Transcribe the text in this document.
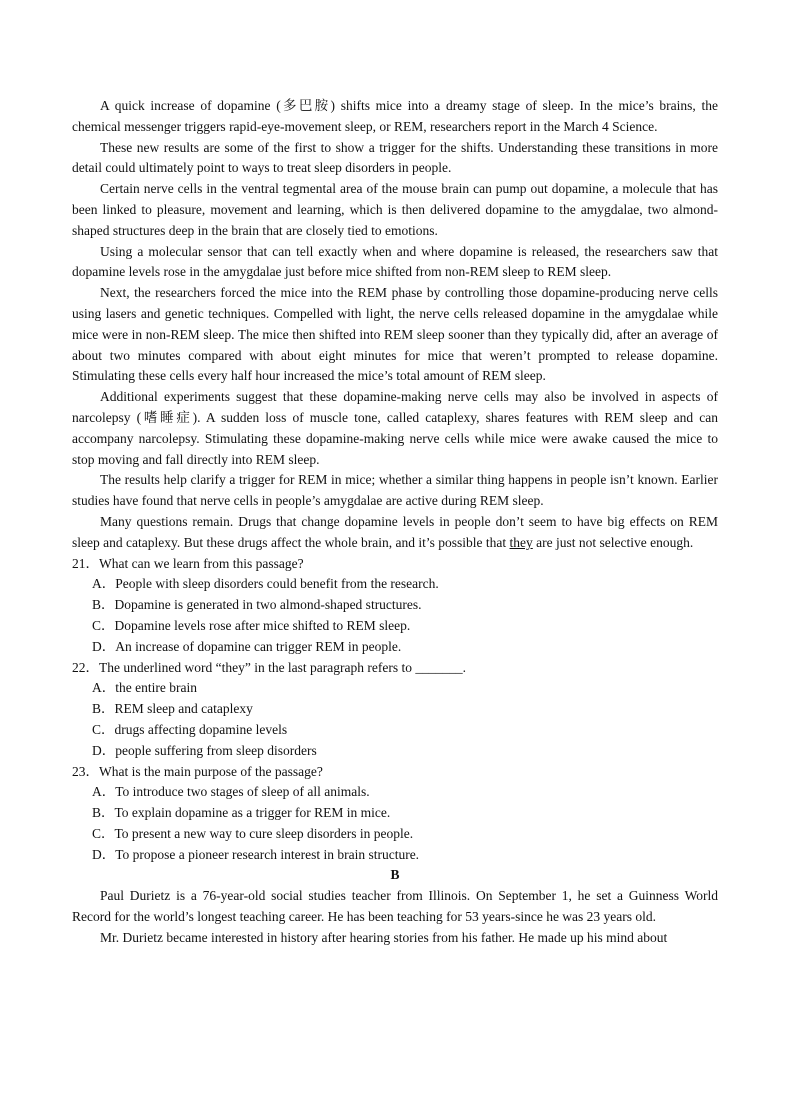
A quick increase of dopamine (多巴胺) shifts mice into a dreamy stage of sleep. In the mice’s brains, the chemical messenger triggers rapid-eye-movement sleep, or REM, researchers report in the March 4 Science.

These new results are some of the first to show a trigger for the shifts. Understanding these transitions in more detail could ultimately point to ways to treat sleep disorders in people.

Certain nerve cells in the ventral tegmental area of the mouse brain can pump out dopamine, a molecule that has been linked to pleasure, movement and learning, which is then delivered dopamine to the amygdalae, two almond-shaped structures deep in the brain that are closely tied to emotions.

Using a molecular sensor that can tell exactly when and where dopamine is released, the researchers saw that dopamine levels rose in the amygdalae just before mice shifted from non-REM sleep to REM sleep.

Next, the researchers forced the mice into the REM phase by controlling those dopamine-producing nerve cells using lasers and genetic techniques. Compelled with light, the nerve cells released dopamine in the amygdalae while mice were in non-REM sleep. The mice then shifted into REM sleep sooner than they typically did, after an average of about two minutes compared with about eight minutes for mice that weren’t prompted to release dopamine. Stimulating these cells every half hour increased the mice’s total amount of REM sleep.

Additional experiments suggest that these dopamine-making nerve cells may also be involved in aspects of narcolepsy (嗜睡症). A sudden loss of muscle tone, called cataplexy, shares features with REM sleep and can accompany narcolepsy. Stimulating these dopamine-making nerve cells while mice were awake caused the mice to stop moving and fall directly into REM sleep.

The results help clarify a trigger for REM in mice; whether a similar thing happens in people isn’t known. Earlier studies have found that nerve cells in people’s amygdalae are active during REM sleep.

Many questions remain. Drugs that change dopamine levels in people don’t seem to have big effects on REM sleep and cataplexy. But these drugs affect the whole brain, and it’s possible that they are just not selective enough.

21．What can we learn from this passage?

A．People with sleep disorders could benefit from the research.

B．Dopamine is generated in two almond-shaped structures.

C．Dopamine levels rose after mice shifted to REM sleep.

D．An increase of dopamine can trigger REM in people.

22．The underlined word “they” in the last paragraph refers to _______.

A．the entire brain

B．REM sleep and cataplexy

C．drugs affecting dopamine levels

D．people suffering from sleep disorders

23．What is the main purpose of the passage?

A．To introduce two stages of sleep of all animals.

B．To explain dopamine as a trigger for REM in mice.

C．To present a new way to cure sleep disorders in people.

D．To propose a pioneer research interest in brain structure.

B

Paul Durietz is a 76-year-old social studies teacher from Illinois. On September 1, he set a Guinness World Record for the world’s longest teaching career. He has been teaching for 53 years-since he was 23 years old.

Mr. Durietz became interested in history after hearing stories from his father. He made up his mind about
